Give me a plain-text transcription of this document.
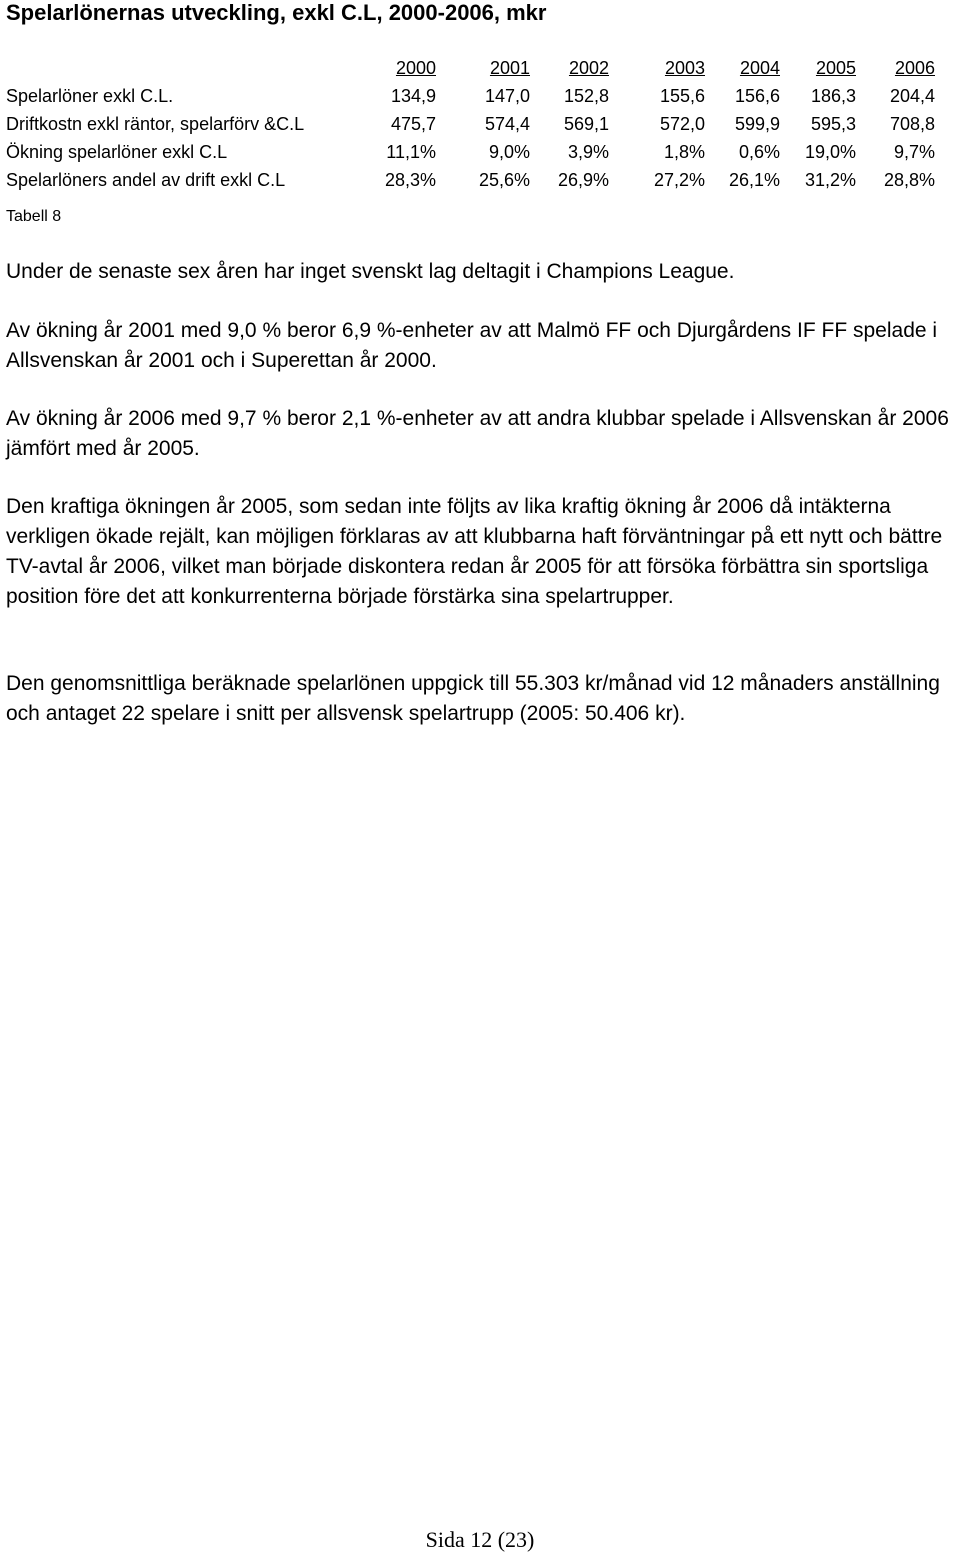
Spelarlönernas utveckling, exkl C.L, 2000-2006, mkr
2000	2001 2002	2003 2004 2005 2006
Spelarlöner exkl C.L.	134,9	147,0 152,8	155,6 156,6 186,3 204,4
Driftkostn exkl räntor, spelarförv &C.L	475,7	574,4 569,1	572,0 599,9 595,3 708,8
Ökning spelarlöner exkl C.L	11,1%	9,0% 3,9%	1,8% 0,6% 19,0% 9,7%
Spelarlöners andel av drift exkl C.L	28,3% 25,6% 26,9% 27,2% 26,1% 31,2% 28,8%
Tabell 8

Under de senaste sex åren har inget svenskt lag deltagit i Champions League.

Av ökning år 2001 med 9,0 % beror 6,9 %-enheter av att Malmö FF och Djurgårdens IF FF spelade i Allsvenskan år 2001 och i Superettan år 2000.

Av ökning år 2006 med 9,7 % beror 2,1 %-enheter av att andra klubbar spelade i Allsvenskan år 2006 jämfört med år 2005.

Den kraftiga ökningen år 2005, som sedan inte följts av lika kraftig ökning år 2006 då intäkterna verkligen ökade rejält, kan möjligen förklaras av att klubbarna haft förväntningar på ett nytt och bättre TV-avtal år 2006, vilket man började diskontera redan år 2005 för att försöka förbättra sin sportsliga position före det att konkurrenterna började förstärka sina spelartrupper.

Den genomsnittliga beräknade spelarlönen uppgick till 55.303 kr/månad vid 12 månaders anställning och antaget 22 spelare i snitt per allsvensk spelartrupp (2005: 50.406 kr).

Sida 12 (23)
